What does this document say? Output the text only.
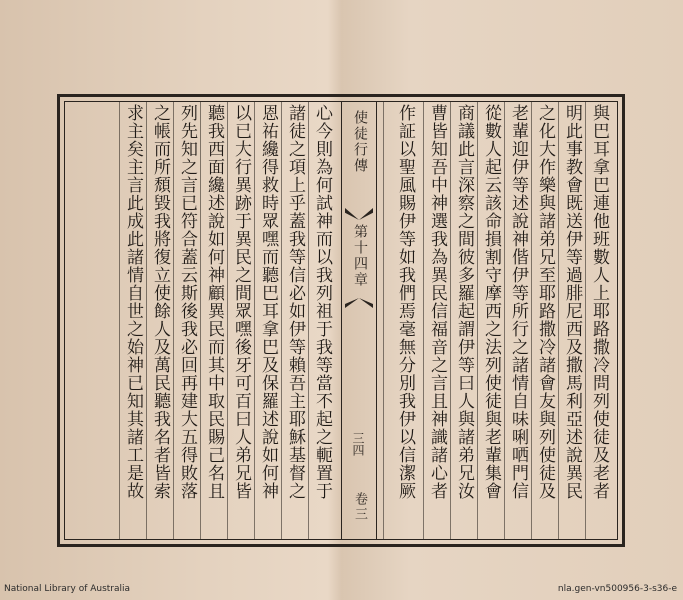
與巴耳拿巴連他班數人上耶路撒冷問列使徒及老者
明此事教會既送伊等過腓尼西及撒馬利亞述說異民
之化大作樂與諸弟兄至耶路撒冷諸會友與列使徒及
老輩迎伊等述說神偕伊等所行之諸情自味唎哂門信
從數人起云該命損割守摩西之法列使徒與老輩集會
商議此言深察之間彼多羅起謂伊等曰人與諸弟兄汝
曹皆知吾中神選我為異民信福音之言且神識諸心者
作証以聖風賜伊等如我們焉毫無分別我伊以信潔厥
使徒行傳
第十四章
三四
卷三
心今則為何試神而以我列祖于我等當不起之軛置于
諸徒之項上乎蓋我等信必如伊等賴吾主耶穌基督之
恩祐纔得救時眾嘿而聽巴耳拿巴及保羅述說如何神
以已大行異跡于異民之間眾嘿後牙可百曰人弟兄皆
聽我西面纔述說如何神顧異民而其中取民賜己名且
列先知之言已符合蓋云斯後我必回再建大五得敗落
之帳而所頹毀我將復立使餘人及萬民聽我名者皆索
求主矣主言此成此諸情自世之始神已知其諸工是故
National Library of Australia	nla.gen-vn500956-3-s36-e
